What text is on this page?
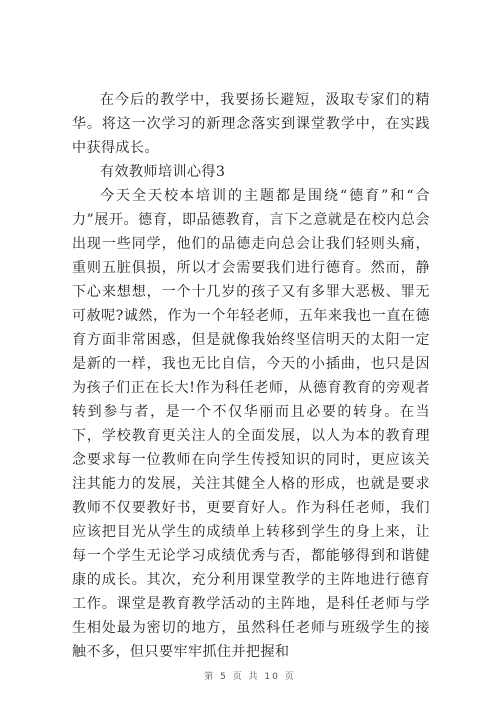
在今后的教学中，我要扬长避短，汲取专家们的精华。将这一次学习的新理念落实到课堂教学中，在实践中获得成长。

有效教师培训心得3

今天全天校本培训的主题都是围绕“德育”和“合力”展开。德育，即品德教育，言下之意就是在校内总会出现一些同学，他们的品德走向总会让我们轻则头痛，重则五脏俱损，所以才会需要我们进行德育。然而，静下心来想想，一个十几岁的孩子又有多罪大恶极、罪无可赦呢?诚然，作为一个年轻老师，五年来我也一直在德育方面非常困惑，但是就像我始终坚信明天的太阳一定是新的一样，我也无比自信，今天的小插曲，也只是因为孩子们正在长大!作为科任老师，从德育教育的旁观者转到参与者，是一个不仅华丽而且必要的转身。在当下，学校教育更关注人的全面发展，以人为本的教育理念要求每一位教师在向学生传授知识的同时，更应该关注其能力的发展，关注其健全人格的形成，也就是要求教师不仅要教好书，更要育好人。作为科任老师，我们应该把目光从学生的成绩单上转移到学生的身上来，让每一个学生无论学习成绩优秀与否，都能够得到和谐健康的成长。其次，充分利用课堂教学的主阵地进行德育工作。课堂是教育教学活动的主阵地，是科任老师与学生相处最为密切的地方，虽然科任老师与班级学生的接触不多，但只要牢牢抓住并把握和

第 5 页 共 10 页
